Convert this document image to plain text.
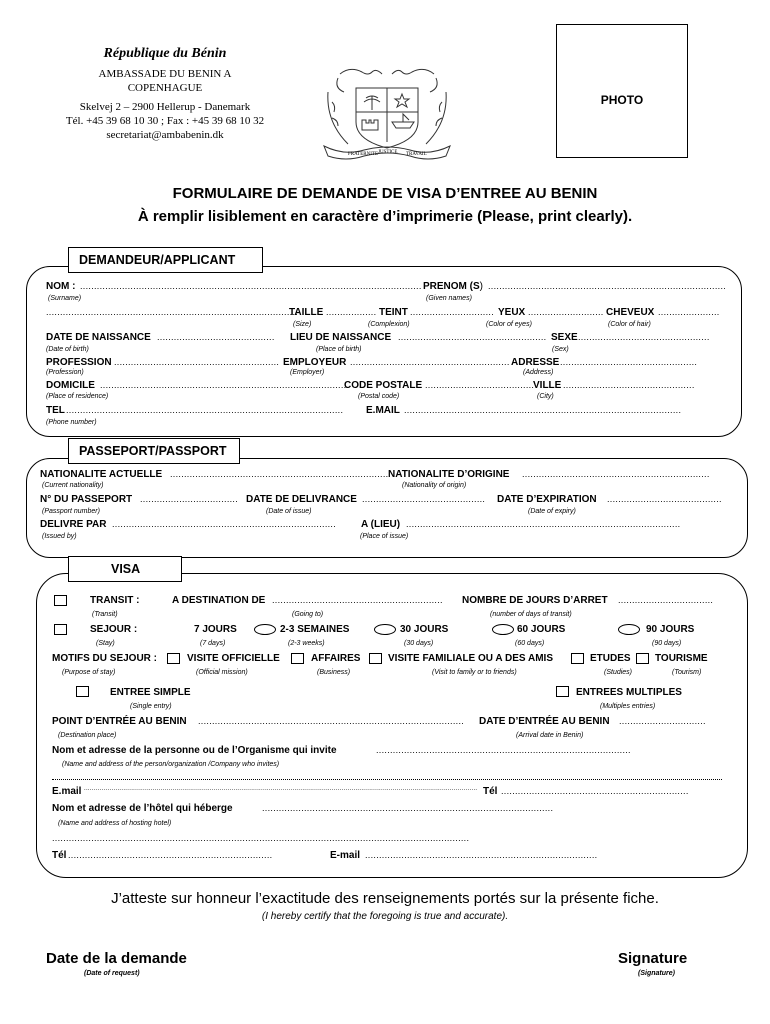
République du Bénin
AMBASSADE DU BENIN A
COPENHAGUE
Skelvej 2 – 2900 Hellerup - Danemark
Tél. +45 39 68 10 30 ; Fax : +45 39 68 10 32
secretariat@ambabenin.dk
FRATERNITE JUSTICE TRAVAIL
PHOTO
FORMULAIRE DE DEMANDE DE VISA D’ENTREE AU BENIN
À remplir lisiblement en caractère d’imprimerie (Please, print clearly).
DEMANDEUR/APPLICANT
NOM : .......................................................................................................................... PRENOM (S) .....................................................................................
(Surname)	(Given names)
..........................................................................................
TAILLE .................. TEINT .............................. YEUX ........................... CHEVEUX ......................
(Size)	(Complexion)	(Color of eyes)	(Color of hair)
DATE DE NAISSANCE .......................................... LIEU DE NAISSANCE ..................................................... SEXE ...............................................
(Date of birth)	(Place of birth)	(Sex)
PROFESSION ........................................................... EMPLOYEUR ......................................................... ADRESSE .................................................
(Profession)	(Employer)	(Address)
DOMICILE .........................................................................................
CODE POSTALE .......................................
VILLE ...............................................
(Place of residence)	(Postal code)	(City)
TEL ................................................................................................... E.MAIL ...................................................................................................
(Phone number)
PASSEPORT/PASSPORT
NATIONALITE ACTUELLE .............................................................................. NATIONALITE D’ORIGINE ...................................................................
(Current nationality)	(Nationality of origin)
N° DU PASSEPORT ................................... DATE DE DELIVRANCE ............................................ DATE D’EXPIRATION .........................................
(Passport number)	(Date of issue)	(Date of expiry)
DELIVRE PAR ................................................................................ A (LIEU) ..................................................................................................
(Issued by)	(Place of issue)
VISA
TRANSIT :	A DESTINATION DE ............................................................. NOMBRE DE JOURS D’ARRET ..................................
(Transit)	(Going to)	(number of days of transit)
SEJOUR :	7 JOURS	2-3 SEMAINES	30 JOURS	60 JOURS	90 JOURS
(Stay)	(7 days)	(2-3 weeks)	(30 days)	(60 days)	(90 days)
MOTIFS DU SEJOUR :	VISITE OFFICIELLE	AFFAIRES	VISITE FAMILIALE OU A DES AMIS	ETUDES TOURISME
(Purpose of stay)	(Official mission)	(Business)	(Visit to family or to friends)	(Studies)	(Tourism)
ENTREE SIMPLE	ENTREES MULTIPLES
(Single entry)	(Multiples entries)
POINT D’ENTRÉE AU BENIN ............................................................................................... DATE D’ENTRÉE AU BENIN ...............................
(Destination place)	(Arrival date in Benin)
Nom et adresse de la personne ou de l’Organisme qui invite	...........................................................................................
(Name and address of the person/organization /Company who invites)
E.mail ........................................................................................................................................................................................................ Tél ...................................................................
Nom et adresse de l’hôtel qui héberge	........................................................................................................
(Name and address of hosting hotel)
.....................................................................................................................................................
Tél .........................................................................	E-mail ...................................................................................
J’atteste sur honneur l’exactitude des renseignements portés sur la présente fiche.
(I hereby certify that the foregoing is true and accurate).
Date de la demande
(Date of request)
Signature
(Signature)
